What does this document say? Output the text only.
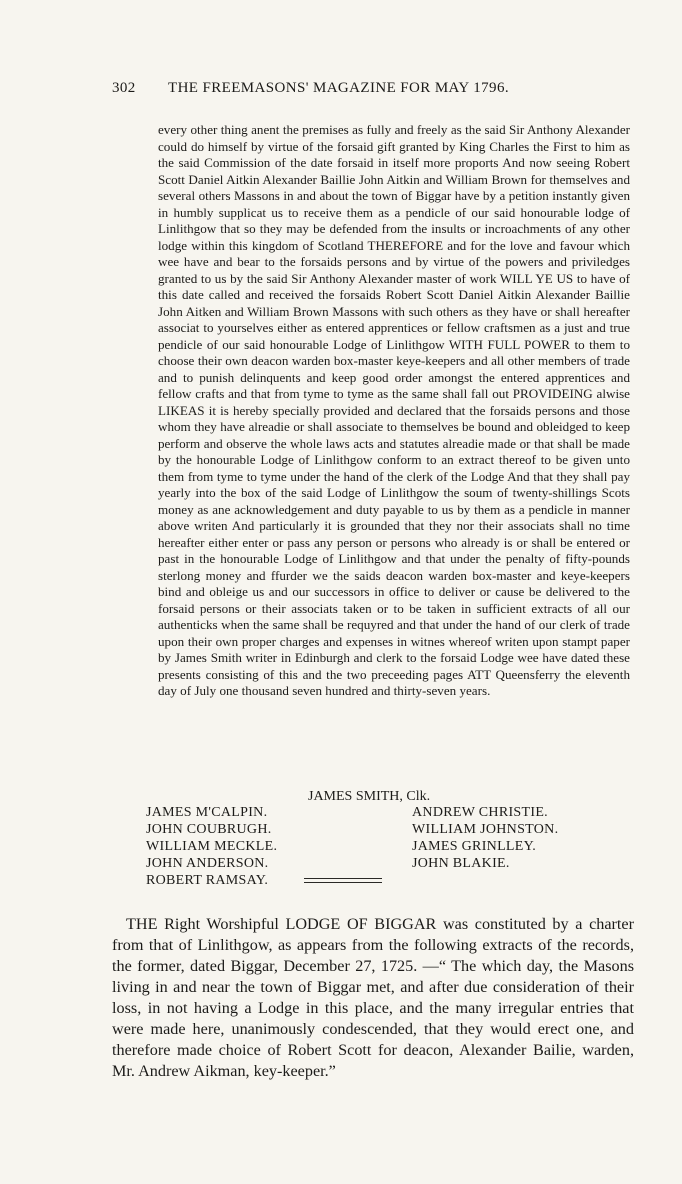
302 THE FREEMASONS' MAGAZINE FOR MAY 1796.

every other thing anent the premises as fully and freely as the said Sir Anthony Alexander could do himself by virtue of the forsaid gift granted by King Charles the First to him as the said Commission of the date forsaid in itself more proports And now seeing Robert Scott Daniel Aitkin Alexander Baillie John Aitkin and William Brown for themselves and several others Massons in and about the town of Biggar have by a petition instantly given in humbly supplicat us to receive them as a pendicle of our said honourable lodge of Linlithgow that so they may be defended from the insults or incroachments of any other lodge within this kingdom of Scotland THEREFORE and for the love and favour which wee have and bear to the forsaids persons and by virtue of the powers and priviledges granted to us by the said Sir Anthony Alexander master of work WILL YE US to have of this date called and received the forsaids Robert Scott Daniel Aitkin Alexander Baillie John Aitken and William Brown Massons with such others as they have or shall hereafter associat to yourselves either as entered apprentices or fellow craftsmen as a just and true pendicle of our said honourable Lodge of Linlithgow WITH FULL POWER to them to choose their own deacon warden box-master keye-keepers and all other members of trade and to punish delinquents and keep good order amongst the entered apprentices and fellow crafts and that from tyme to tyme as the same shall fall out PROVIDEING alwise LIKEAS it is hereby specially provided and declared that the forsaids persons and those whom they have alreadie or shall associate to themselves be bound and obleidged to keep perform and observe the whole laws acts and statutes alreadie made or that shall be made by the honourable Lodge of Linlithgow conform to an extract thereof to be given unto them from tyme to tyme under the hand of the clerk of the Lodge And that they shall pay yearly into the box of the said Lodge of Linlithgow the soum of twenty-shillings Scots money as ane acknowledgement and duty payable to us by them as a pendicle in manner above writen And particularly it is grounded that they nor their associats shall no time hereafter either enter or pass any person or persons who already is or shall be entered or past in the honourable Lodge of Linlithgow and that under the penalty of fifty-pounds sterlong money and ffurder we the saids deacon warden box-master and keye-keepers bind and obleige us and our successors in office to deliver or cause be delivered to the forsaid persons or their associats taken or to be taken in sufficient extracts of all our authenticks when the same shall be requyred and that under the hand of our clerk of trade upon their own proper charges and expenses in witnes whereof writen upon stampt paper by James Smith writer in Edinburgh and clerk to the forsaid Lodge wee have dated these presents consisting of this and the two preceeding pages ATT Queensferry the eleventh day of July one thousand seven hundred and thirty-seven years.

JAMES SMITH, Clk.
JAMES M'CALPIN.
JOHN COUBRUGH.
WILLIAM MECKLE.
JOHN ANDERSON.
ROBERT RAMSAY.
ANDREW CHRISTIE.
WILLIAM JOHNSTON.
JAMES GRINLLEY.
JOHN BLAKIE.

THE Right Worshipful LODGE OF BIGGAR was constituted by a charter from that of Linlithgow, as appears from the following extracts of the records, the former, dated Biggar, December 27, 1725. —“ The which day, the Masons living in and near the town of Biggar met, and after due consideration of their loss, in not having a Lodge in this place, and the many irregular entries that were made here, unanimously condescended, that they would erect one, and therefore made choice of Robert Scott for deacon, Alexander Bailie, warden, Mr. Andrew Aikman, key-keeper.”
